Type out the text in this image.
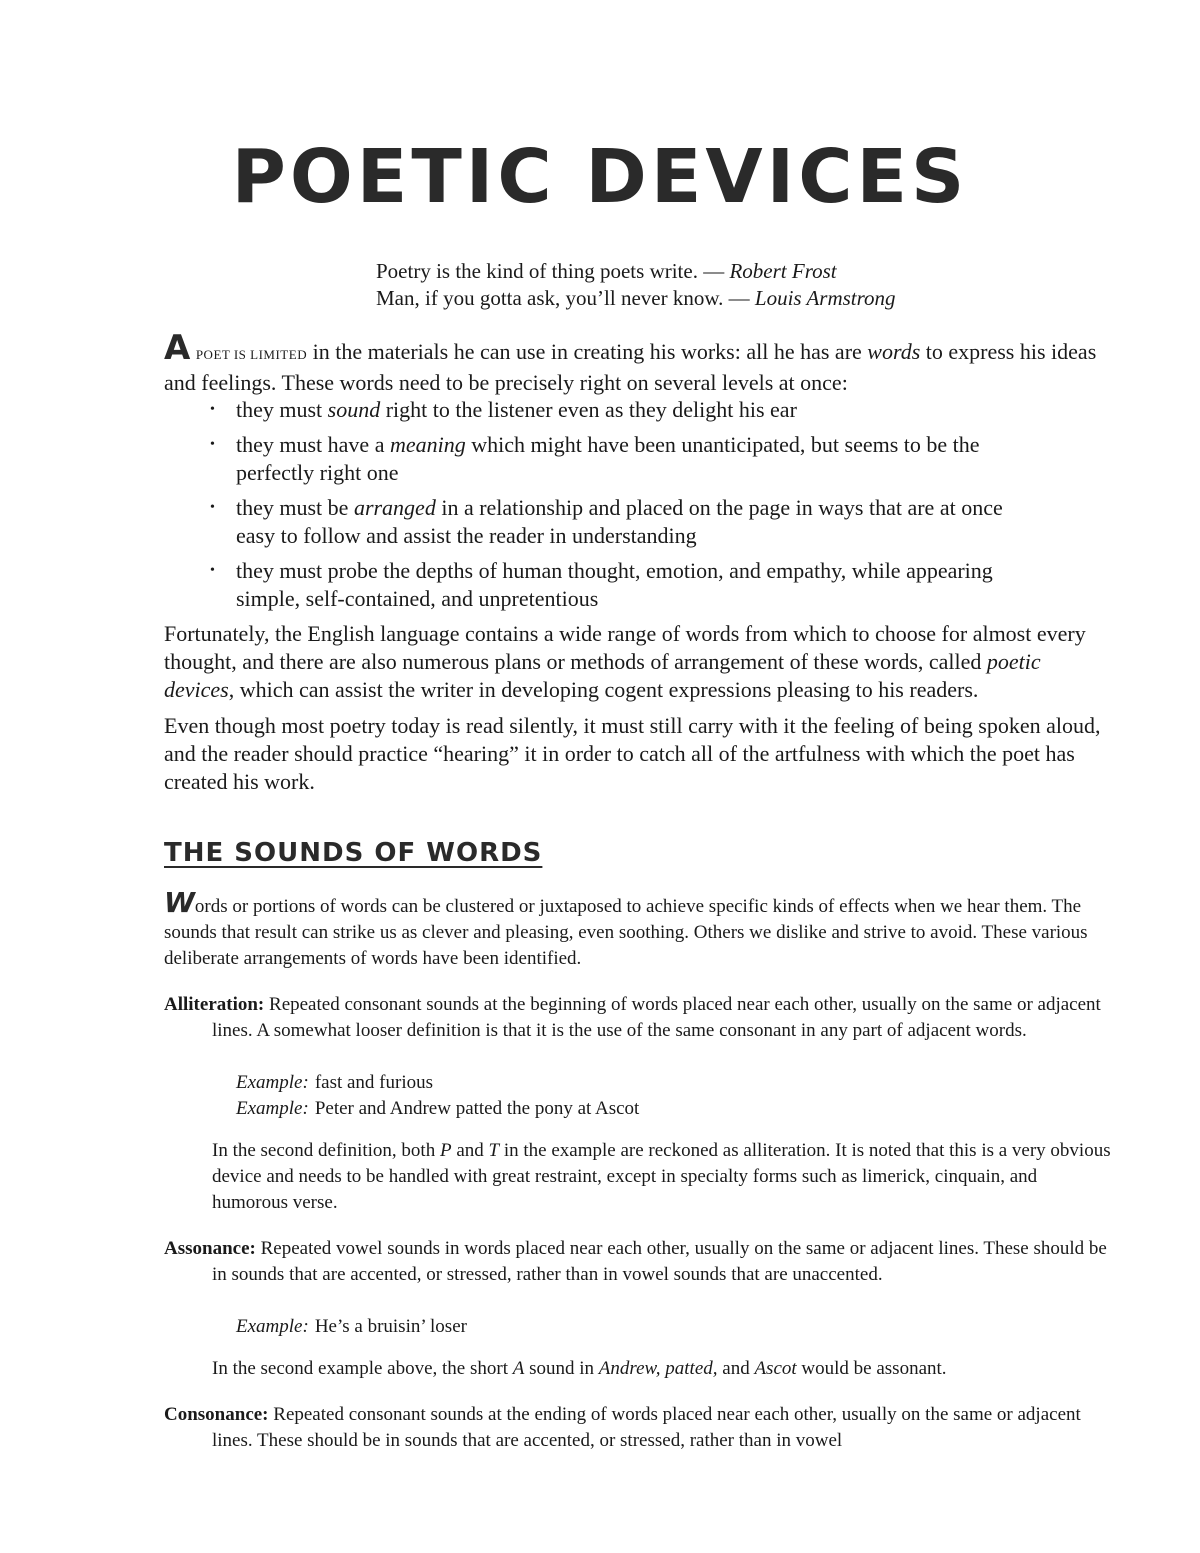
POETIC DEVICES
Poetry is the kind of thing poets write. — Robert Frost
Man, if you gotta ask, you’ll never know. — Louis Armstrong
A POET IS LIMITED in the materials he can use in creating his works: all he has are words to express his ideas and feelings. These words need to be precisely right on several levels at once:
• they must sound right to the listener even as they delight his ear
• they must have a meaning which might have been unanticipated, but seems to be the perfectly right one
• they must be arranged in a relationship and placed on the page in ways that are at once easy to follow and assist the reader in understanding
• they must probe the depths of human thought, emotion, and empathy, while appearing simple, self-contained, and unpretentious
Fortunately, the English language contains a wide range of words from which to choose for almost every thought, and there are also numerous plans or methods of arrangement of these words, called poetic devices, which can assist the writer in developing cogent expressions pleasing to his readers.
Even though most poetry today is read silently, it must still carry with it the feeling of being spoken aloud, and the reader should practice “hearing” it in order to catch all of the artfulness with which the poet has created his work.
THE SOUNDS OF WORDS
Words or portions of words can be clustered or juxtaposed to achieve specific kinds of effects when we hear them. The sounds that result can strike us as clever and pleasing, even soothing. Others we dislike and strive to avoid. These various deliberate arrangements of words have been identified.
Alliteration: Repeated consonant sounds at the beginning of words placed near each other, usually on the same or adjacent lines. A somewhat looser definition is that it is the use of the same consonant in any part of adjacent words.
Example: fast and furious
Example: Peter and Andrew patted the pony at Ascot
In the second definition, both P and T in the example are reckoned as alliteration. It is noted that this is a very obvious device and needs to be handled with great restraint, except in specialty forms such as limerick, cinquain, and humorous verse.
Assonance: Repeated vowel sounds in words placed near each other, usually on the same or adjacent lines. These should be in sounds that are accented, or stressed, rather than in vowel sounds that are unaccented.
Example: He’s a bruisin’ loser
In the second example above, the short A sound in Andrew, patted, and Ascot would be assonant.
Consonance: Repeated consonant sounds at the ending of words placed near each other, usually on the same or adjacent lines. These should be in sounds that are accented, or stressed, rather than in vowel
